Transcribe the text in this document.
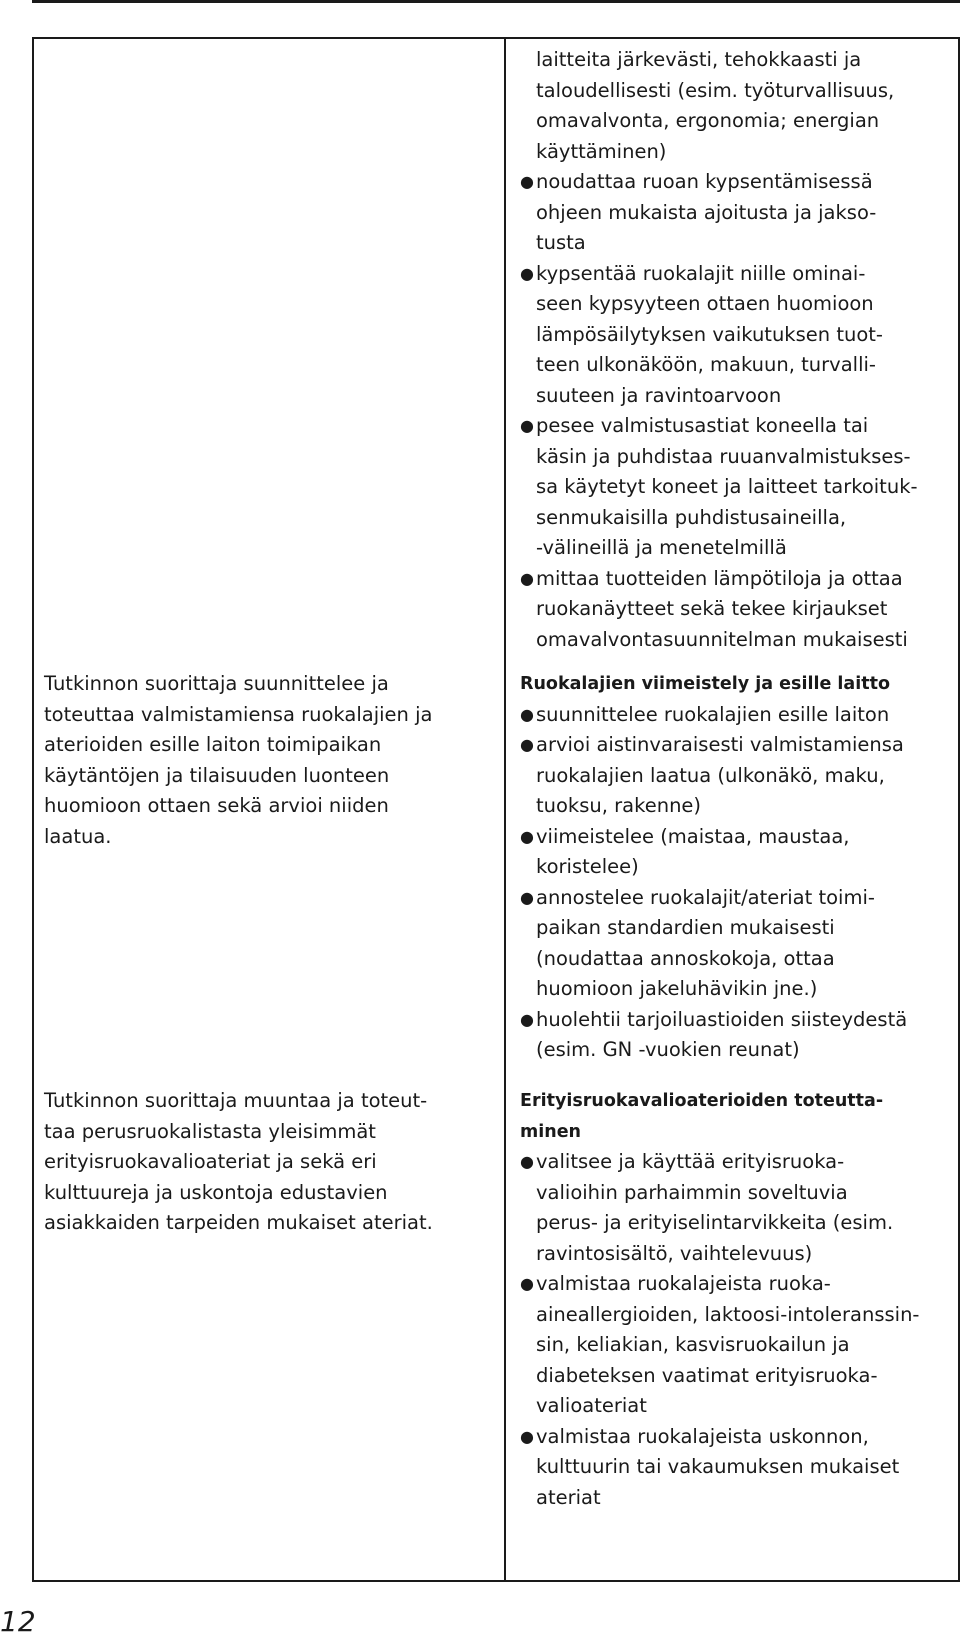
Tutkinnon suorittaja suunnittelee ja
toteuttaa valmistamiensa ruokalajien ja
aterioiden esille laiton toimipaikan
käytäntöjen ja tilaisuuden luonteen
huomioon ottaen sekä arvioi niiden
laatua.
Tutkinnon suorittaja muuntaa ja toteut-
taa perusruokalistasta yleisimmät
erityisruokavalioateriat ja sekä eri
kulttuureja ja uskontoja edustavien
asiakkaiden tarpeiden mukaiset ateriat.
laitteita järkevästi, tehokkaasti ja
taloudellisesti (esim. työturvallisuus,
omavalvonta, ergonomia; energian
käyttäminen)
● noudattaa ruoan kypsentämisessä
ohjeen mukaista ajoitusta ja jakso-
tusta
● kypsentää ruokalajit niille ominai-
seen kypsyyteen ottaen huomioon
lämpösäilytyksen vaikutuksen tuot-
teen ulkonäköön, makuun, turvalli-
suuteen ja ravintoarvoon
● pesee valmistusastiat koneella tai
käsin ja puhdistaa ruuanvalmistukses-
sa käytetyt koneet ja laitteet tarkoituk-
senmukaisilla puhdistusaineilla,
-välineillä ja menetelmillä
● mittaa tuotteiden lämpötiloja ja ottaa
ruokanäytteet sekä tekee kirjaukset
omavalvontasuunnitelman mukaisesti
Ruokalajien viimeistely ja esille laitto
● suunnittelee ruokalajien esille laiton
● arvioi aistinvaraisesti valmistamiensa
ruokalajien laatua (ulkonäkö, maku,
tuoksu, rakenne)
● viimeistelee (maistaa, maustaa,
koristelee)
● annostelee ruokalajit/ateriat toimi-
paikan standardien mukaisesti
(noudattaa annoskokoja, ottaa
huomioon jakeluhävikin jne.)
● huolehtii tarjoiluastioiden siisteydestä
(esim. GN -vuokien reunat)
Erityisruokavalioaterioiden toteutta-
minen
● valitsee ja käyttää erityisruoka-
valioihin parhaimmin soveltuvia
perus- ja erityiselintarvikkeita (esim.
ravintosisältö, vaihtelevuus)
● valmistaa ruokalajeista ruoka-
aineallergioiden, laktoosi-intoleranssin-
sin, keliakian, kasvisruokailun ja
diabeteksen vaatimat erityisruoka-
valioateriat
● valmistaa ruokalajeista uskonnon,
kulttuurin tai vakaumuksen mukaiset
ateriat
12
